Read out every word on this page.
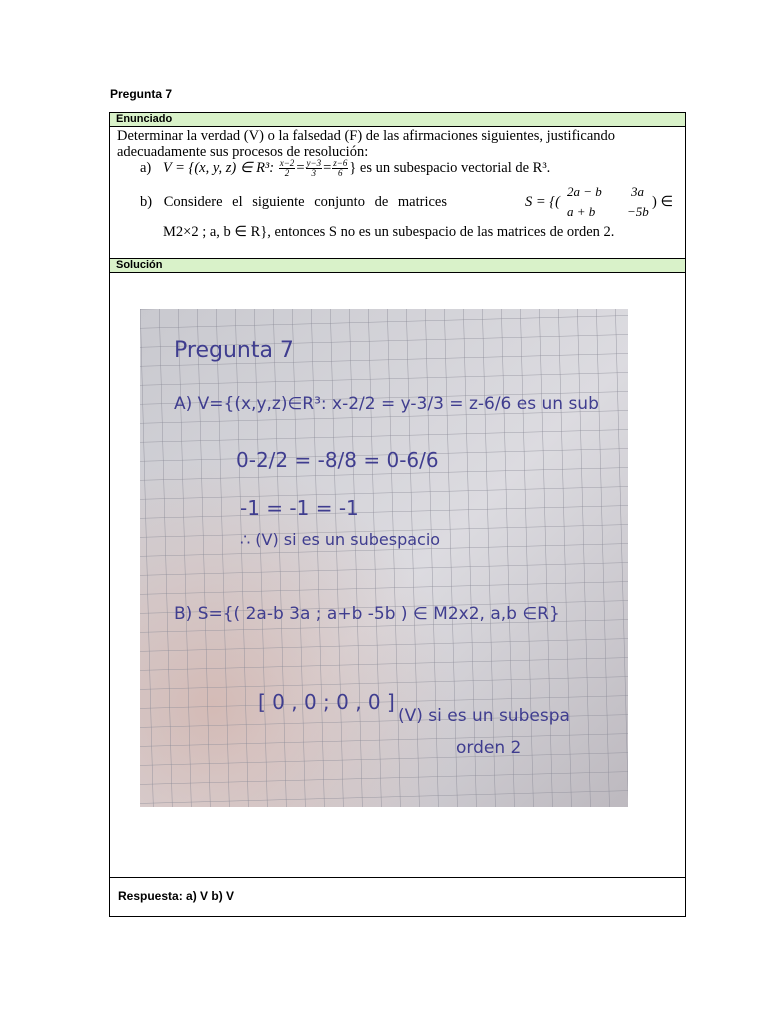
Pregunta 7
Enunciado
Determinar la verdad (V) o la falsedad (F) de las afirmaciones siguientes, justificando
adecuadamente sus procesos de resolución:
a) V = {(x, y, z) ∈ R³: $\frac{x-2}{2} = \frac{y-3}{3} = \frac{z-6}{6}$ } es un subespacio vectorial de R³.
b) Considere el siguiente conjunto de matrices	S = {(
2a − b 3a
a + b −5b
) ∈
M2×2 ; a, b ∈ R}, entonces S no es un subespacio de las matrices de orden 2.
Solución
Pregunta 7
A) V={(x,y,z)∈R³: x-2/2 = y-3/3 = z-6/6 es un sub
0-2/2 = -8/8 = 0-6/6
-1 = -1 = -1
∴ (V) si es un subespacio
B) S={( 2a-b 3a ; a+b -5b ) ∈ M2x2, a,b ∈R}
[ 0 , 0 ; 0 , 0 ]
(V) si es un subespa
orden 2
Respuesta: a) V b) V
